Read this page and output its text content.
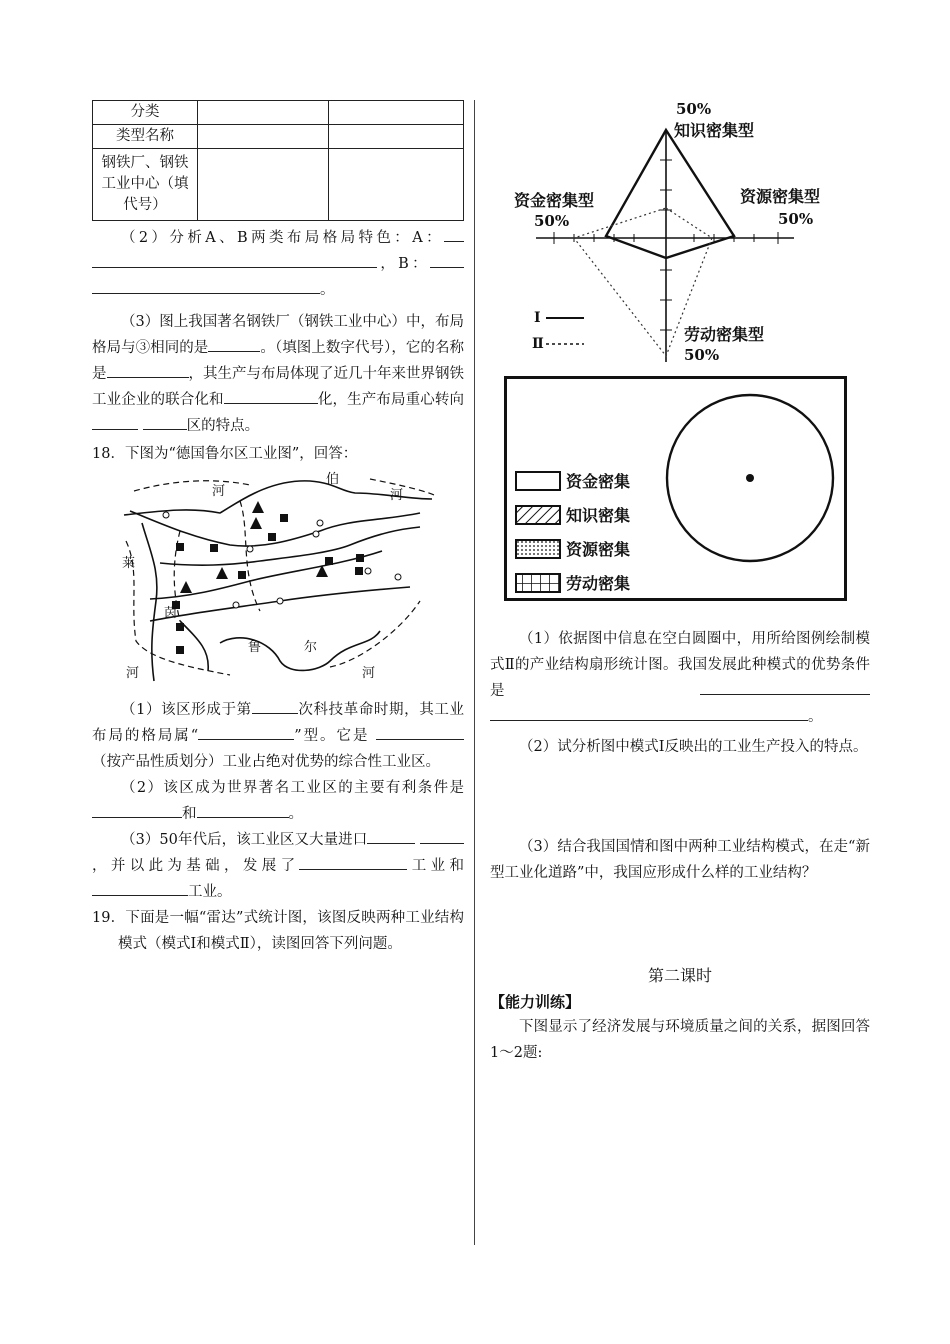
分类		
类型名称		
钢铁厂、钢铁工业中心（填代号）		

（2）分析A、B两类布局格局特色：A： ，B： 。

（3）图上我国著名钢铁厂（钢铁工业中心）中，布局格局与③相同的是	。（填图上数字代号），它的名称是	，其生产与布局体现了近几十年来世界钢铁工业企业的联合化和	化，生产布局重心转向 区的特点。

18．下图为“德国鲁尔区工业图”，回答：

河
伯
河
莱
茵
鲁	尔
河	河

（1）该区形成于第	次科技革命时期，其工业布局的格局属“	”型。它是 （按产品性质划分）工业占绝对优势的综合性工业区。

（2）该区成为世界著名工业区的主要有利条件是和	。

（3）50年代后，该工业区又大量进口 ，并以此为基础，发展了	工业和工业。

19．下面是一幅“雷达”式统计图，该图反映两种工业结构模式（模式Ⅰ和模式Ⅱ），读图回答下列问题。

50%
知识密集型
资金密集型
50%
资源密集型
50%
劳动密集型
50%
Ⅰ
Ⅱ
资金密集
知识密集
资源密集
劳动密集

（1）依据图中信息在空白圆圈中，用所给图例绘制模式Ⅱ的产业结构扇形统计图。我国发展此种模式的优势条件是 。

（2）试分析图中模式Ⅰ反映出的工业生产投入的特点。

（3）结合我国国情和图中两种工业结构模式，在走“新型工业化道路”中，我国应形成什么样的工业结构？

第二课时
【能力训练】

下图显示了经济发展与环境质量之间的关系，据图回答1～2题:
